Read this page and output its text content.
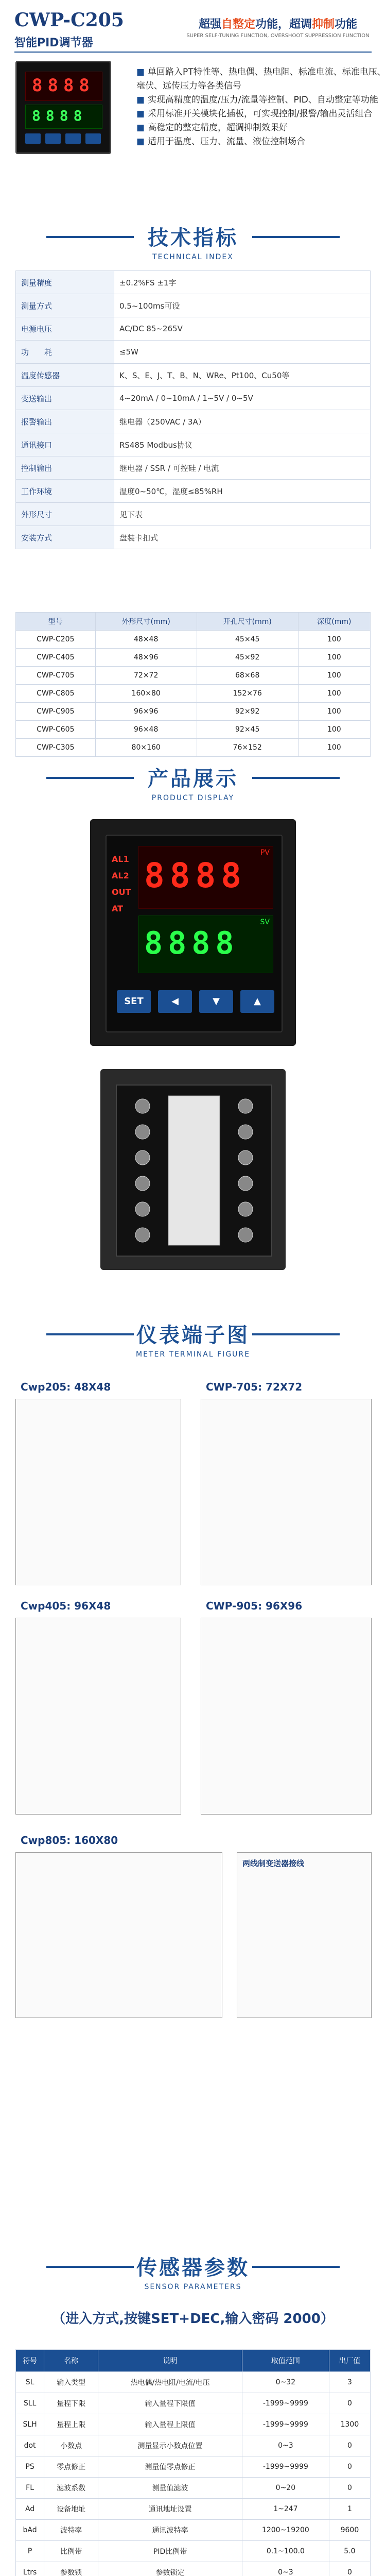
CWP-C205
智能PID调节器
超强自整定功能，超调抑制功能
SUPER SELF-TUNING FUNCTION, OVERSHOOT SUPPRESSION FUNCTION
8888
8888
■ 单回路入PT特性等、热电偶、热电阻、标准电流、标准电压、毫伏、远传压力等各类信号
■ 实现高精度的温度/压力/流量等控制、PID、自动整定等功能
■ 采用标准开关模块化插板，可实现控制/报警/输出灵活组合
■ 高稳定的整定精度，超调抑制效果好
■ 适用于温度、压力、流量、液位控制场合
技术指标
TECHNICAL INDEX
测量精度	±0.2%FS ±1字
测量方式	0.5~100ms可设
电源电压	AC/DC 85~265V
功　　耗	≤5W
温度传感器	K、S、E、J、T、B、N、WRe、Pt100、Cu50等
变送输出	4~20mA / 0~10mA / 1~5V / 0~5V
报警输出	继电器（250VAC / 3A）
通讯接口	RS485 Modbus协议
控制输出	继电器 / SSR / 可控硅 / 电流
工作环境	温度0~50℃，湿度≤85%RH
外形尺寸	见下表
安装方式	盘装卡扣式
型号	外形尺寸(mm)	开孔尺寸(mm)	深度(mm)
CWP-C205	48×48	45×45	100
CWP-C405	48×96	45×92	100
CWP-C705	72×72	68×68	100
CWP-C805	160×80	152×76	100
CWP-C905	96×96	92×92	100
CWP-C605	96×48	92×45	100
CWP-C305	80×160	76×152	100
产品展示
PRODUCT DISPLAY
AL1
AL2
OUT
AT
8888
PV
8888
SV
SET	◀	▼	▲
仪表端子图
METER TERMINAL FIGURE
Cwp205: 48X48	CWP-705: 72X72
Cwp405: 96X48	CWP-905: 96X96
Cwp805: 160X80
两线制变送器接线
传感器参数
SENSOR PARAMETERS
（进入方式,按键SET+DEC,输入密码 2000）
符号	名称	说明	取值范围	出厂值
SL	输入类型	热电偶/热电阻/电流/电压	0~32	3
SLL	量程下限	输入量程下限值	-1999~9999	0
SLH	量程上限	输入量程上限值	-1999~9999	1300
dot	小数点	测量显示小数点位置	0~3	0
PS	零点修正	测量值零点修正	-1999~9999	0
FL	滤波系数	测量值滤波	0~20	0
Ad	设备地址	通讯地址设置	1~247	1
bAd	波特率	通讯波特率	1200~19200	9600
P	比例带	PID比例带	0.1~100.0	5.0
Ltrs	参数锁	参数锁定	0~3	0
